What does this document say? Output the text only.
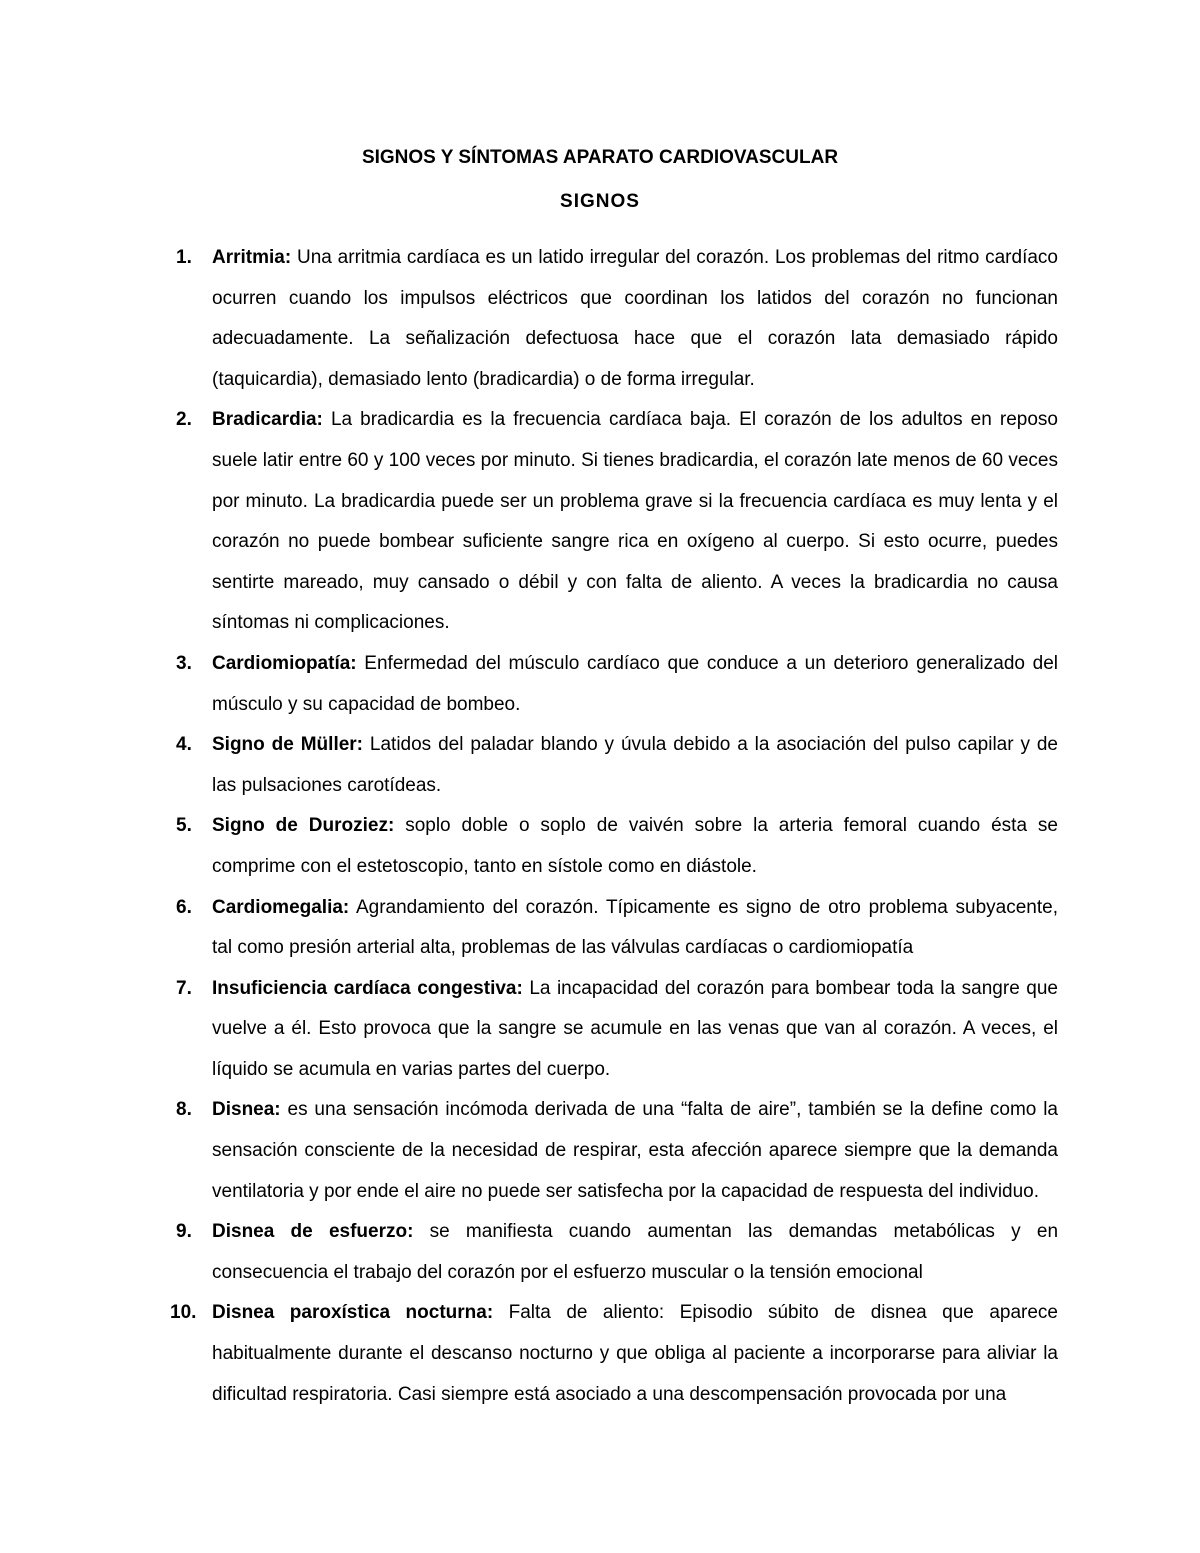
SIGNOS Y SÍNTOMAS APARATO CARDIOVASCULAR
SIGNOS
1. Arritmia: Una arritmia cardíaca es un latido irregular del corazón. Los problemas del ritmo cardíaco ocurren cuando los impulsos eléctricos que coordinan los latidos del corazón no funcionan adecuadamente. La señalización defectuosa hace que el corazón lata demasiado rápido (taquicardia), demasiado lento (bradicardia) o de forma irregular.
2. Bradicardia: La bradicardia es la frecuencia cardíaca baja. El corazón de los adultos en reposo suele latir entre 60 y 100 veces por minuto. Si tienes bradicardia, el corazón late menos de 60 veces por minuto. La bradicardia puede ser un problema grave si la frecuencia cardíaca es muy lenta y el corazón no puede bombear suficiente sangre rica en oxígeno al cuerpo. Si esto ocurre, puedes sentirte mareado, muy cansado o débil y con falta de aliento. A veces la bradicardia no causa síntomas ni complicaciones.
3. Cardiomiopatía: Enfermedad del músculo cardíaco que conduce a un deterioro generalizado del músculo y su capacidad de bombeo.
4. Signo de Müller: Latidos del paladar blando y úvula debido a la asociación del pulso capilar y de las pulsaciones carotídeas.
5. Signo de Duroziez: soplo doble o soplo de vaivén sobre la arteria femoral cuando ésta se comprime con el estetoscopio, tanto en sístole como en diástole.
6. Cardiomegalia: Agrandamiento del corazón. Típicamente es signo de otro problema subyacente, tal como presión arterial alta, problemas de las válvulas cardíacas o cardiomiopatía
7. Insuficiencia cardíaca congestiva: La incapacidad del corazón para bombear toda la sangre que vuelve a él. Esto provoca que la sangre se acumule en las venas que van al corazón. A veces, el líquido se acumula en varias partes del cuerpo.
8. Disnea: es una sensación incómoda derivada de una “falta de aire”, también se la define como la sensación consciente de la necesidad de respirar, esta afección aparece siempre que la demanda ventilatoria y por ende el aire no puede ser satisfecha por la capacidad de respuesta del individuo.
9. Disnea de esfuerzo: se manifiesta cuando aumentan las demandas metabólicas y en consecuencia el trabajo del corazón por el esfuerzo muscular o la tensión emocional
10. Disnea paroxística nocturna: Falta de aliento: Episodio súbito de disnea que aparece habitualmente durante el descanso nocturno y que obliga al paciente a incorporarse para aliviar la dificultad respiratoria. Casi siempre está asociado a una descompensación provocada por una
